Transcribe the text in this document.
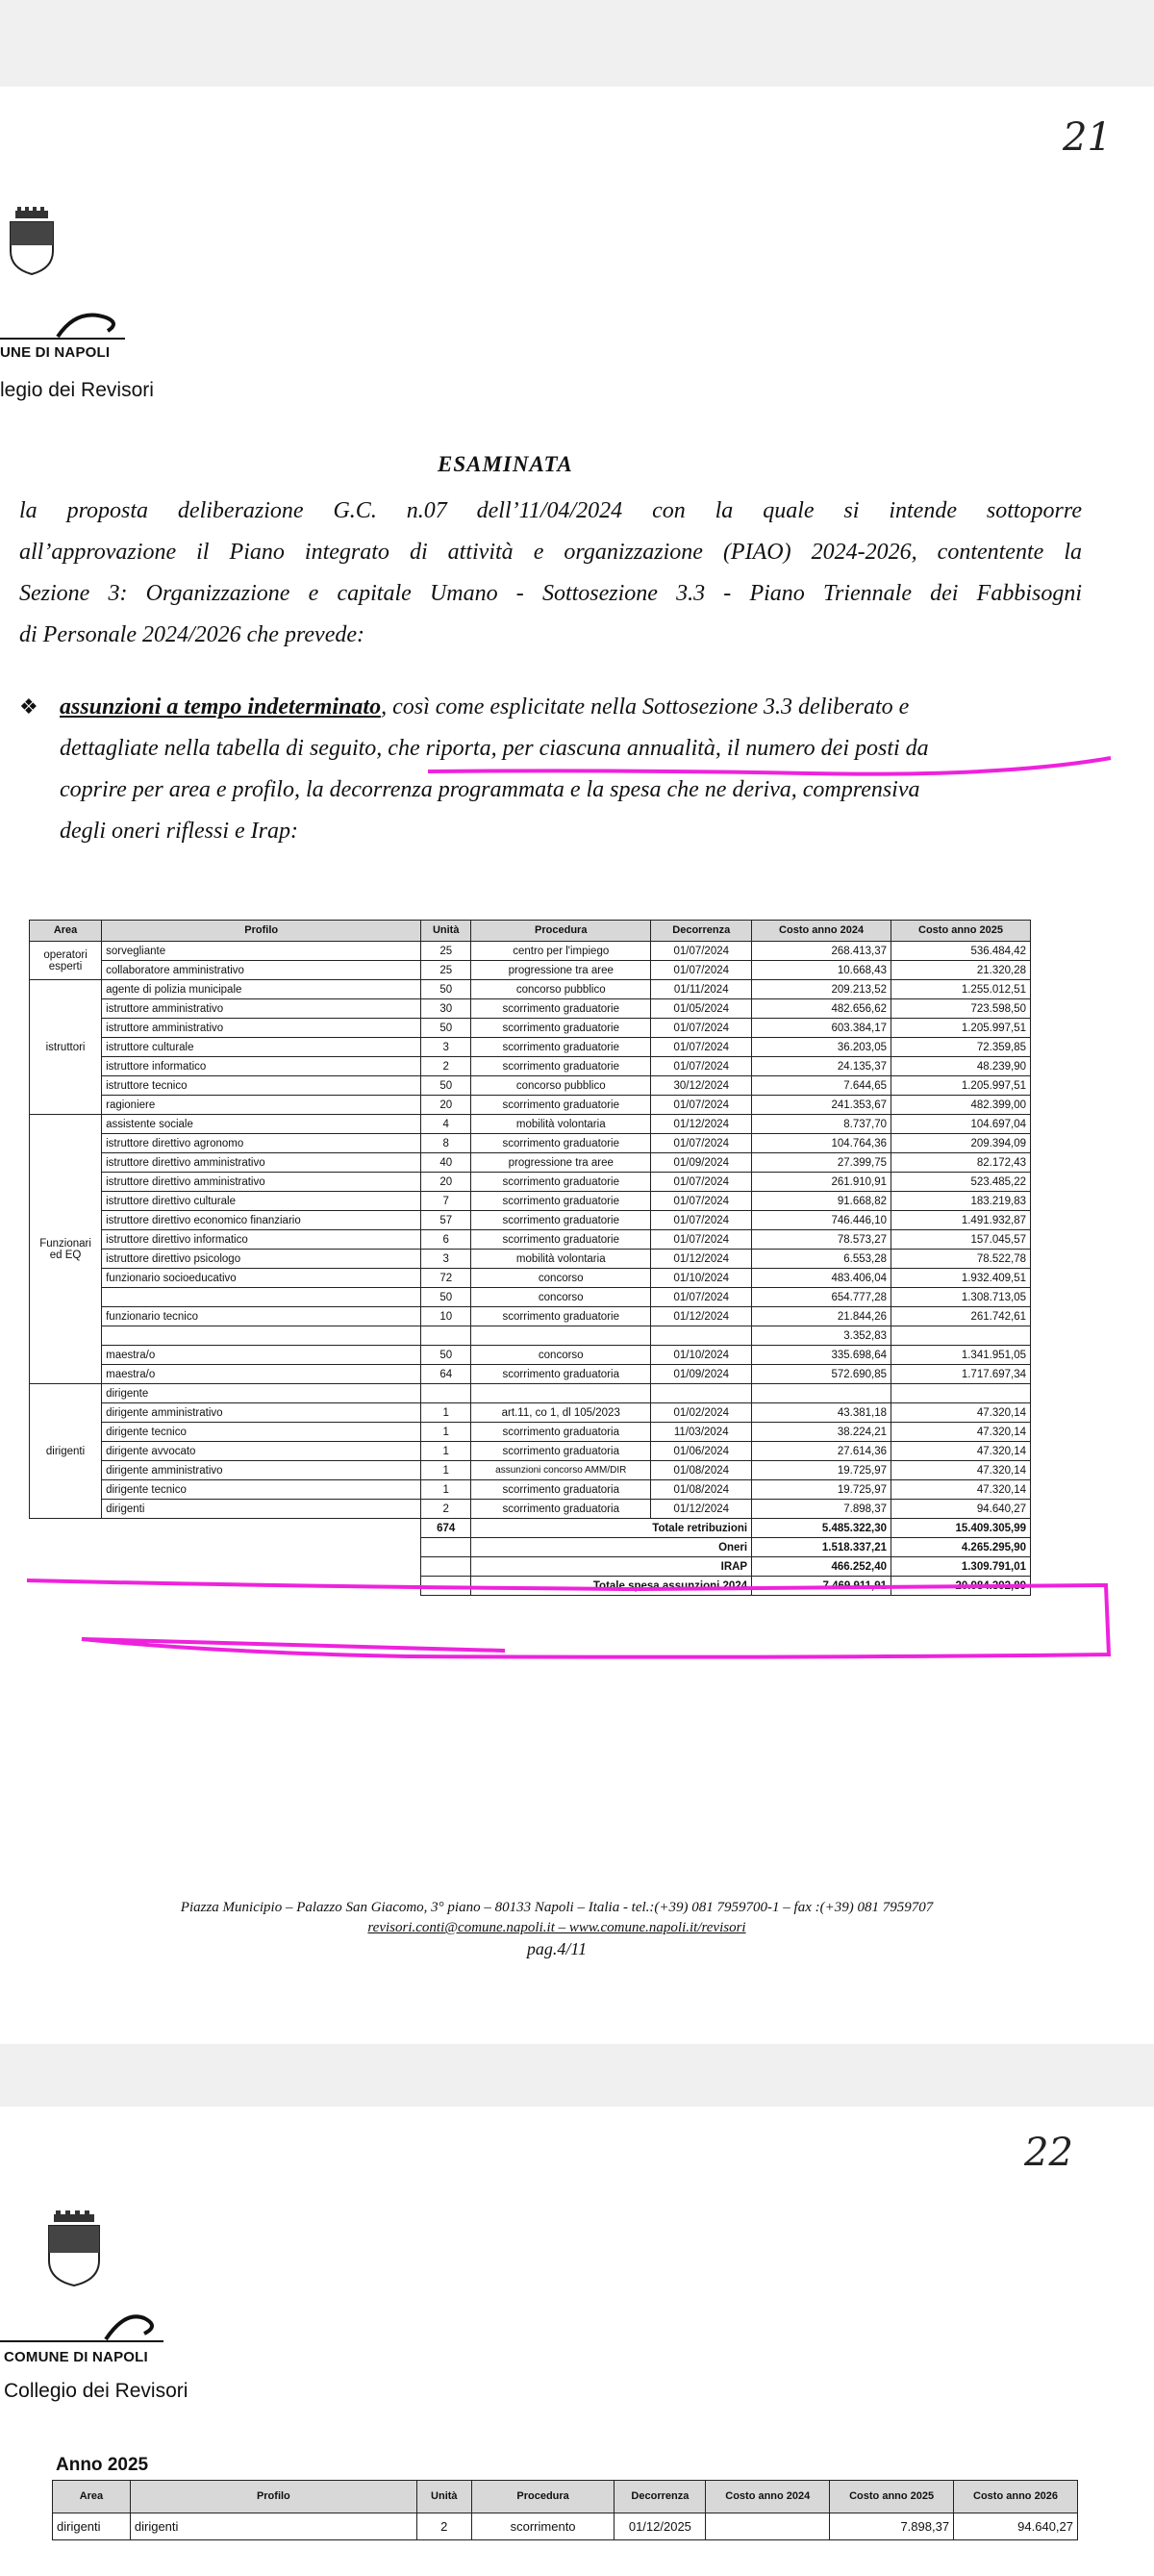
21
UNE DI NAPOLI
legio dei Revisori
ESAMINATA
la proposta deliberazione G.C. n.07 dell’11/04/2024 con la quale si intende sottoporre
all’approvazione il Piano integrato di attività e organizzazione (PIAO) 2024-2026, contentente la
Sezione 3: Organizzazione e capitale Umano - Sottosezione 3.3 - Piano Triennale dei Fabbisogni
di Personale 2024/2026 che prevede:
❖ assunzioni a tempo indeterminato, così come esplicitate nella Sottosezione 3.3 deliberato e
dettagliate nella tabella di seguito, che riporta, per ciascuna annualità, il numero dei posti da
coprire per area e profilo, la decorrenza programmata e la spesa che ne deriva, comprensiva
degli oneri riflessi e Irap:
Area	Profilo	Unità	Procedura	Decorrenza	Costo anno 2024	Costo anno 2025
operatori esperti	sorvegliante	25	centro per l'impiego	01/07/2024	268.413,37	536.484,42
	collaboratore amministrativo	25	progressione tra aree	01/07/2024	10.668,43	21.320,28
istruttori	agente di polizia municipale	50	concorso pubblico	01/11/2024	209.213,52	1.255.012,51
	istruttore amministrativo	30	scorrimento graduatorie	01/05/2024	482.656,62	723.598,50
	istruttore amministrativo	50	scorrimento graduatorie	01/07/2024	603.384,17	1.205.997,51
	istruttore culturale	3	scorrimento graduatorie	01/07/2024	36.203,05	72.359,85
	istruttore informatico	2	scorrimento graduatorie	01/07/2024	24.135,37	48.239,90
	istruttore tecnico	50	concorso pubblico	30/12/2024	7.644,65	1.205.997,51
	ragioniere	20	scorrimento graduatorie	01/07/2024	241.353,67	482.399,00
Funzionari ed EQ	assistente sociale	4	mobilità volontaria	01/12/2024	8.737,70	104.697,04
	istruttore direttivo agronomo	8	scorrimento graduatorie	01/07/2024	104.764,36	209.394,09
	istruttore direttivo amministrativo	40	progressione tra aree	01/09/2024	27.399,75	82.172,43
	istruttore direttivo amministrativo	20	scorrimento graduatorie	01/07/2024	261.910,91	523.485,22
	istruttore direttivo culturale	7	scorrimento graduatorie	01/07/2024	91.668,82	183.219,83
	istruttore direttivo economico finanziario	57	scorrimento graduatorie	01/07/2024	746.446,10	1.491.932,87
	istruttore direttivo informatico	6	scorrimento graduatorie	01/07/2024	78.573,27	157.045,57
	istruttore direttivo psicologo	3	mobilità volontaria	01/12/2024	6.553,28	78.522,78
	funzionario socioeducativo	72	concorso	01/10/2024	483.406,04	1.932.409,51
		50	concorso	01/07/2024	654.777,28	1.308.713,05
	funzionario tecnico	10	scorrimento graduatorie	01/12/2024	21.844,26	261.742,61
					3.352,83	
	maestra/o	50	concorso	01/10/2024	335.698,64	1.341.951,05
	maestra/o	64	scorrimento graduatoria	01/09/2024	572.690,85	1.717.697,34
dirigenti	dirigente					
	dirigente amministrativo	1	art.11, co 1, dl 105/2023	01/02/2024	43.381,18	47.320,14
	dirigente tecnico	1	scorrimento graduatoria	11/03/2024	38.224,21	47.320,14
	dirigente avvocato	1	scorrimento graduatoria	01/06/2024	27.614,36	47.320,14
	dirigente amministrativo	1	assunzioni concorso AMM/DIR	01/08/2024	19.725,97	47.320,14
	dirigente tecnico	1	scorrimento graduatoria	01/08/2024	19.725,97	47.320,14
	dirigenti	2	scorrimento graduatoria	01/12/2024	7.898,37	94.640,27
		674	Totale retribuzioni		5.485.322,30	15.409.305,99
			Oneri		1.518.337,21	4.265.295,90
			IRAP		466.252,40	1.309.791,01
			Totale spesa assunzioni 2024		7.469.911,91	20.984.392,89
Piazza Municipio – Palazzo San Giacomo, 3° piano – 80133 Napoli – Italia - tel.:(+39) 081 7959700-1 – fax :(+39) 081 7959707
revisori.conti@comune.napoli.it – www.comune.napoli.it/revisori
pag.4/11
22
COMUNE DI NAPOLI
Collegio dei Revisori
Anno 2025
Area	Profilo	Unità	Procedura	Decorrenza	Costo anno 2024	Costo anno 2025	Costo anno 2026
dirigenti	dirigenti	2	scorrimento	01/12/2025		7.898,37	94.640,27
